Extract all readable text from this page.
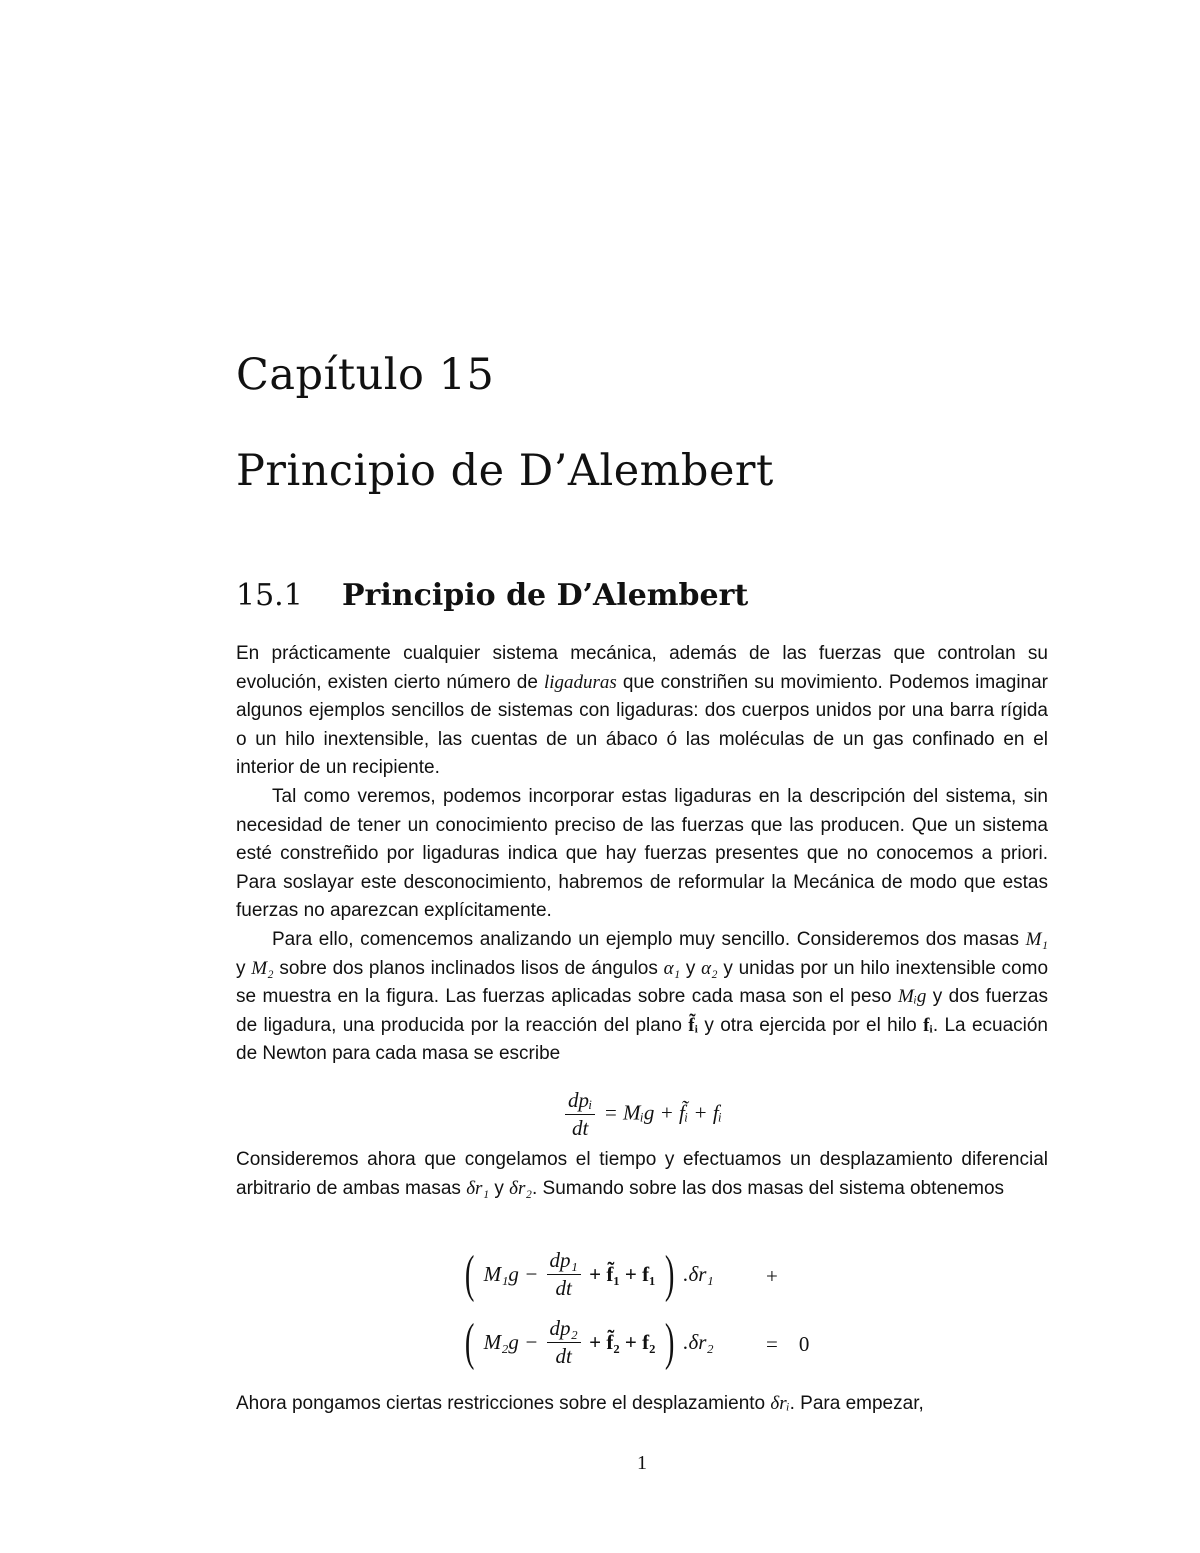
Capítulo 15
Principio de D’Alembert
15.1 Principio de D’Alembert
En prácticamente cualquier sistema mecánica, además de las fuerzas que controlan su evolución, existen cierto número de ligaduras que constriñen su movimiento. Podemos imaginar algunos ejemplos sencillos de sistemas con ligaduras: dos cuerpos unidos por una barra rígida o un hilo inextensible, las cuentas de un ábaco ó las moléculas de un gas confinado en el interior de un recipiente.
Tal como veremos, podemos incorporar estas ligaduras en la descripción del sistema, sin necesidad de tener un conocimiento preciso de las fuerzas que las producen. Que un sistema esté constreñido por ligaduras indica que hay fuerzas presentes que no conocemos a priori. Para soslayar este desconocimiento, habremos de reformular la Mecánica de modo que estas fuerzas no aparezcan explícitamente.
Para ello, comencemos analizando un ejemplo muy sencillo. Consideremos dos masas M₁ y M₂ sobre dos planos inclinados lisos de ángulos α₁ y α₂ y unidas por un hilo inextensible como se muestra en la figura. Las fuerzas aplicadas sobre cada masa son el peso Mᵢg y dos fuerzas de ligadura, una producida por la reacción del plano f̃ᵢ y otra ejercida por el hilo fᵢ. La ecuación de Newton para cada masa se escribe
$\frac{\text{dpᵢ}}{dt}$ = Mᵢg + f̃ᵢ + fᵢ
Consideremos ahora que congelamos el tiempo y efectuamos un desplazamiento diferencial arbitrario de ambas masas δr₁ y δr₂. Sumando sobre las dos masas del sistema obtenemos
( $M_1g - \frac{\text{dp₁}}{dt}$ + f̃₁ + f₁ ) .δr₁ +
( $M_2g - \frac{\text{dp₂}}{dt}$ + f̃₂ + f₂ ) .δr₂ =    0
Ahora pongamos ciertas restricciones sobre el desplazamiento δrᵢ. Para empezar,
1
